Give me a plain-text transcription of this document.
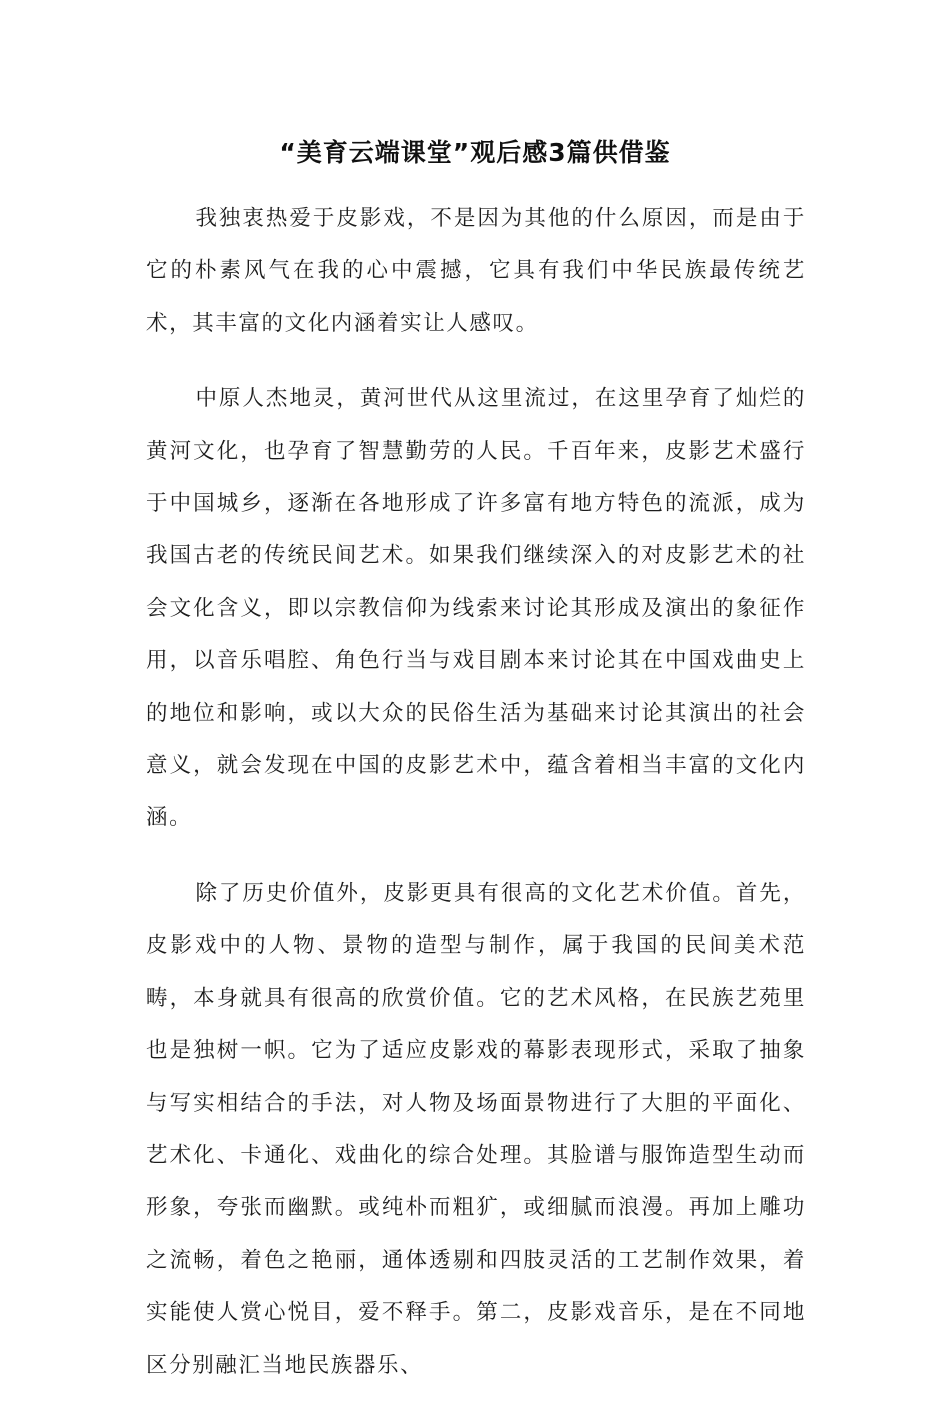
“美育云端课堂”观后感3篇供借鉴

我独衷热爱于皮影戏，不是因为其他的什么原因，而是由于它的朴素风气在我的心中震撼，它具有我们中华民族最传统艺术，其丰富的文化内涵着实让人感叹。

中原人杰地灵，黄河世代从这里流过，在这里孕育了灿烂的黄河文化，也孕育了智慧勤劳的人民。千百年来，皮影艺术盛行于中国城乡，逐渐在各地形成了许多富有地方特色的流派，成为我国古老的传统民间艺术。如果我们继续深入的对皮影艺术的社会文化含义，即以宗教信仰为线索来讨论其形成及演出的象征作用，以音乐唱腔、角色行当与戏目剧本来讨论其在中国戏曲史上的地位和影响，或以大众的民俗生活为基础来讨论其演出的社会意义，就会发现在中国的皮影艺术中，蕴含着相当丰富的文化内涵。

除了历史价值外，皮影更具有很高的文化艺术价值。首先，皮影戏中的人物、景物的造型与制作，属于我国的民间美术范畴，本身就具有很高的欣赏价值。它的艺术风格，在民族艺苑里也是独树一帜。它为了适应皮影戏的幕影表现形式，采取了抽象与写实相结合的手法，对人物及场面景物进行了大胆的平面化、艺术化、卡通化、戏曲化的综合处理。其脸谱与服饰造型生动而形象，夸张而幽默。或纯朴而粗犷，或细腻而浪漫。再加上雕功之流畅，着色之艳丽，通体透剔和四肢灵活的工艺制作效果，着实能使人赏心悦目，爱不释手。第二，皮影戏音乐，是在不同地区分别融汇当地民族器乐、
